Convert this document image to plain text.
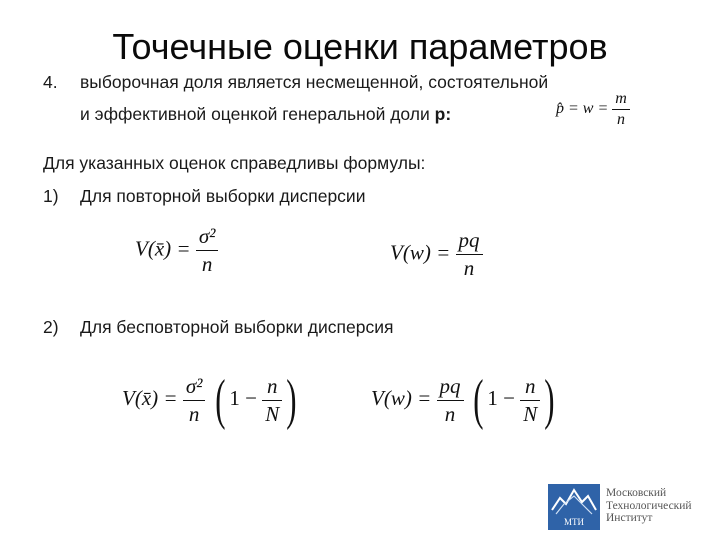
Точечные оценки параметров
4. выборочная доля является несмещенной, состоятельной
и эффективной оценкой генеральной доли p:	p̂ = $w = \frac{m}{n}$
Для указанных оценок справедливы формулы:
1) Для повторной выборки дисперсии
V(x̄) = $\frac{\text{σ²}}{n}$	$V(w) = \frac{pq}{n}$
2) Для бесповторной выборки дисперсия
V(x̄) = $\frac{\text{σ²}}{n}$ ( $1 - \frac{n}{N}$ )	$V(w) = \frac{pq}{n}$ ( $1 - \frac{n}{N}$ )
МТИ
Московский
Технологический
Институт
